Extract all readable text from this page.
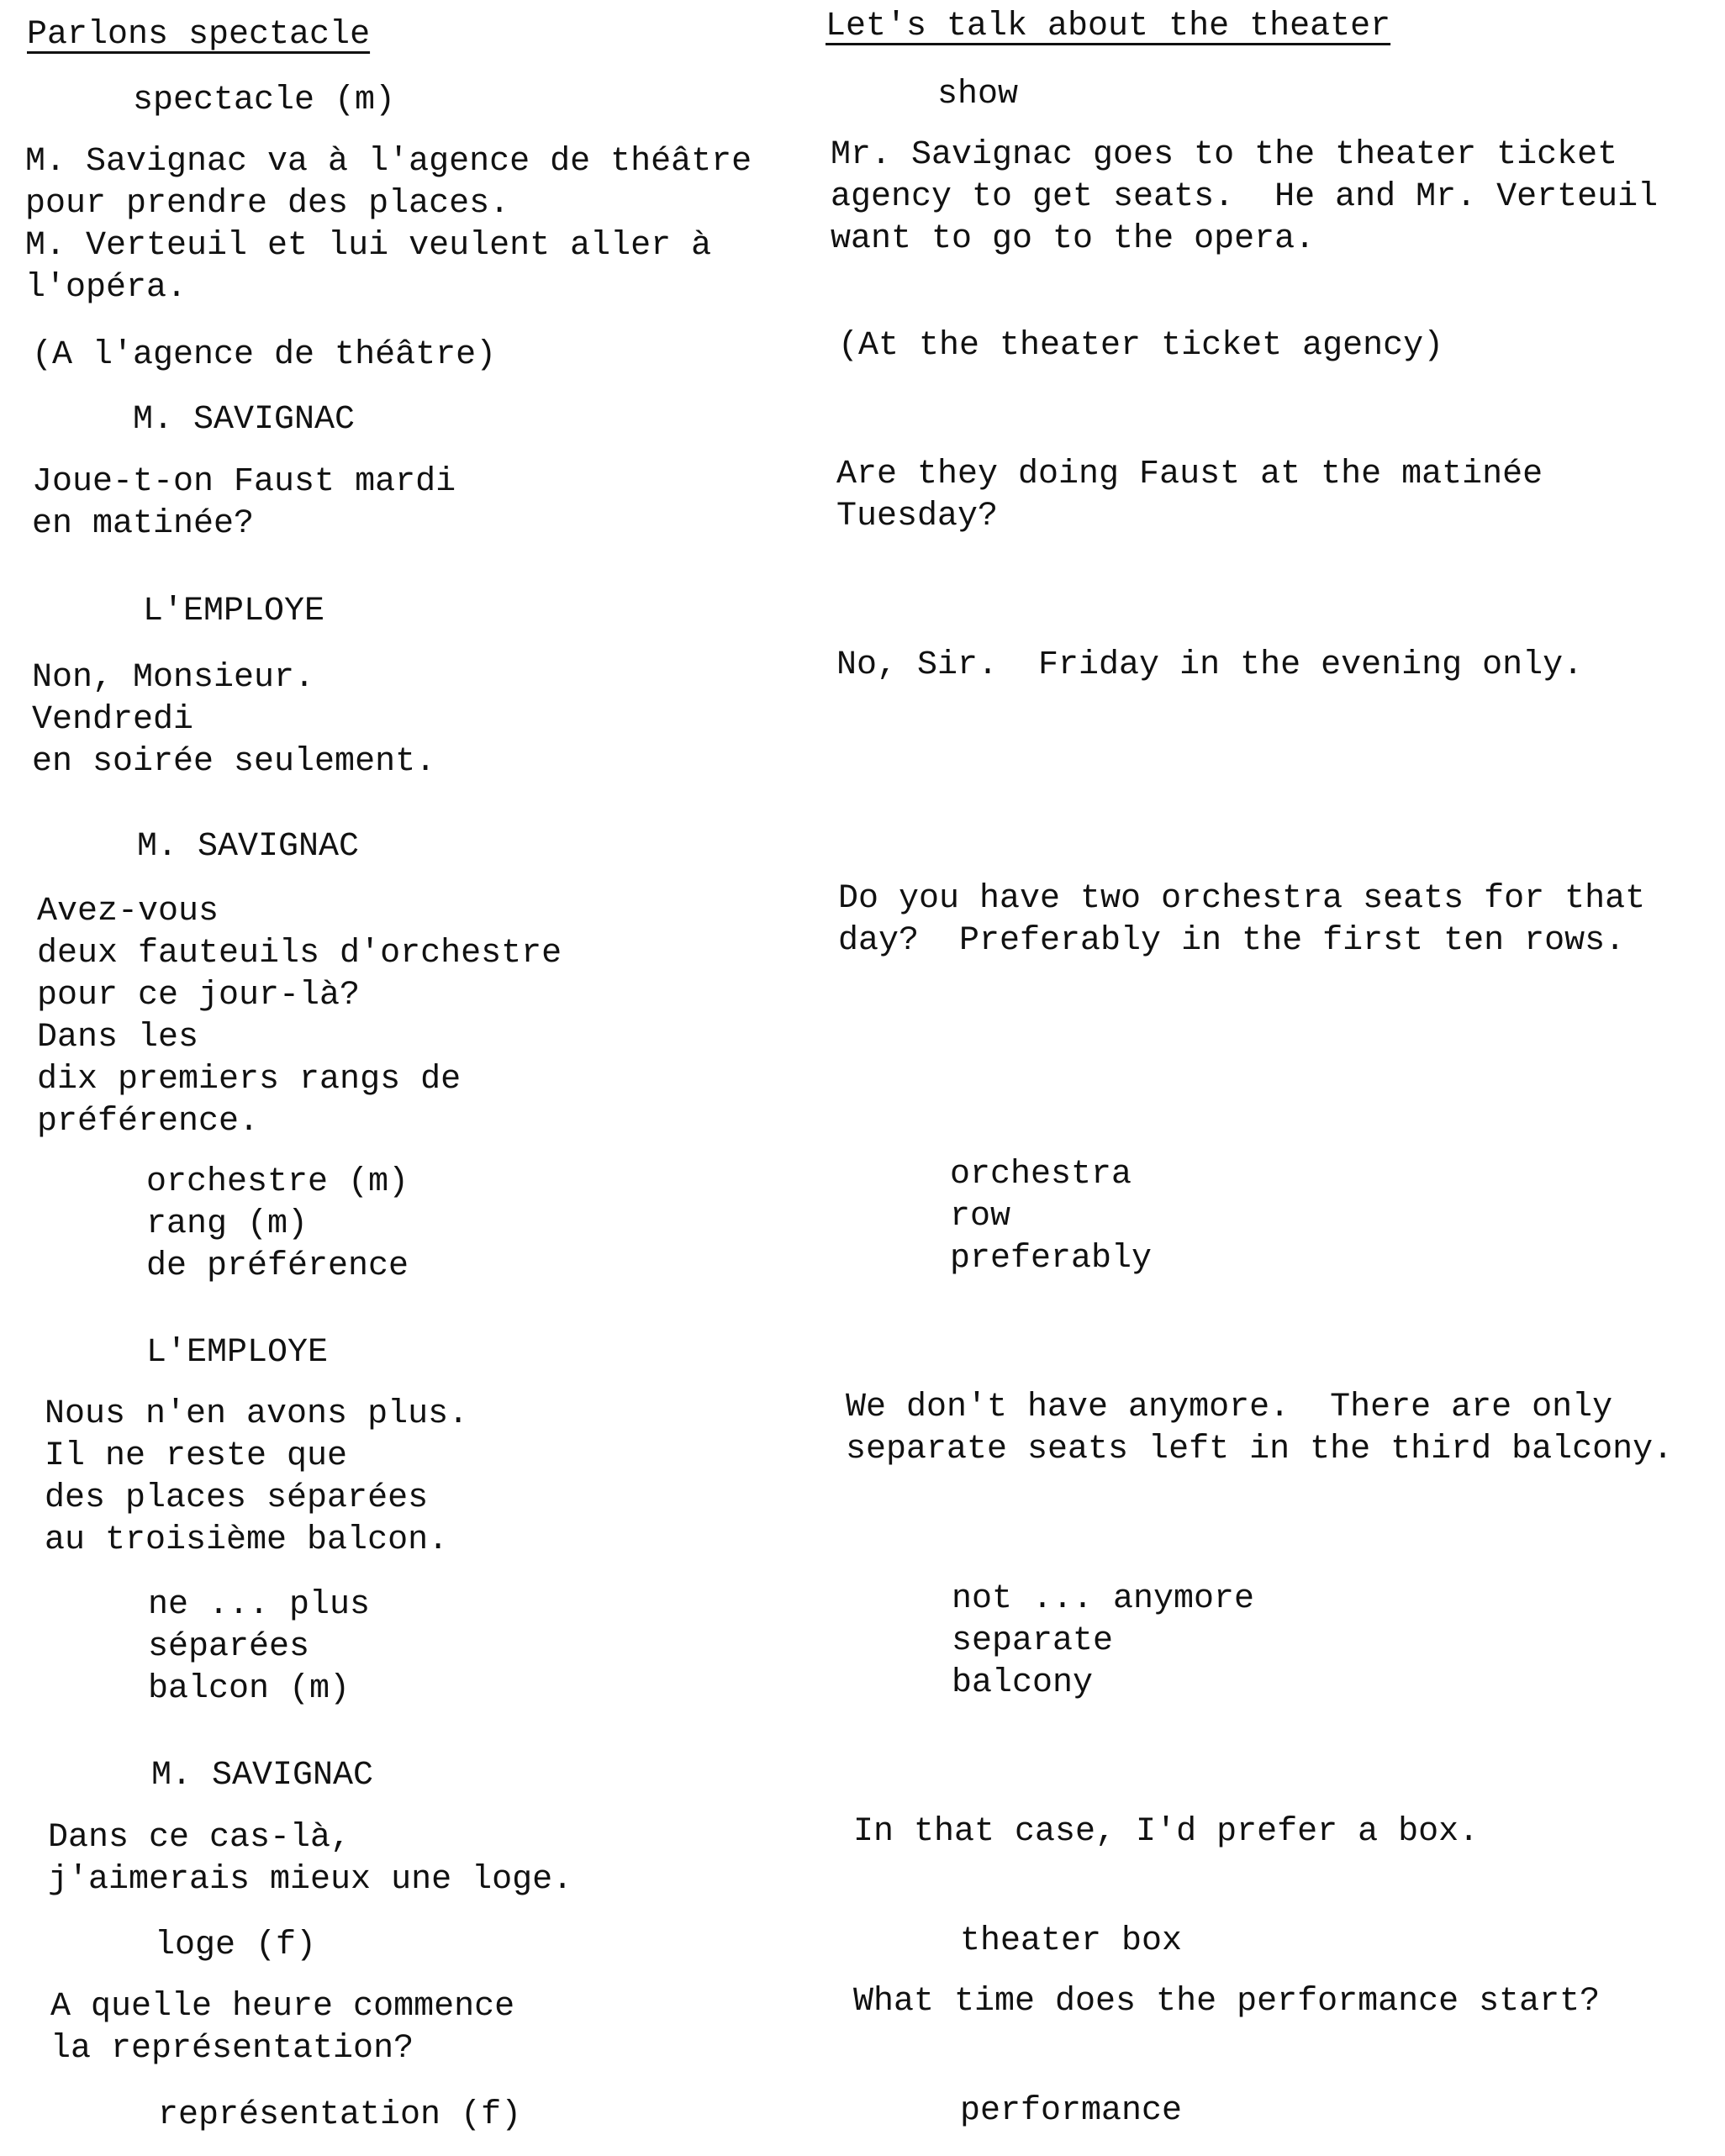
Parlons spectacle
spectacle (m)
M. Savignac va à l'agence de théâtre
pour prendre des places.
M. Verteuil et lui veulent aller à
l'opéra.
(A l'agence de théâtre)
M. SAVIGNAC
Joue-t-on Faust mardi
en matinée?
L'EMPLOYE
Non, Monsieur.
Vendredi
en soirée seulement.
M. SAVIGNAC
Avez-vous
deux fauteuils d'orchestre
pour ce jour-là?
Dans les
dix premiers rangs de
préférence.
orchestre (m)
rang (m)
de préférence
L'EMPLOYE
Nous n'en avons plus.
Il ne reste que
des places séparées
au troisième balcon.
ne ... plus
séparées
balcon (m)
M. SAVIGNAC
Dans ce cas-là,
j'aimerais mieux une loge.
loge (f)
A quelle heure commence
la représentation?
représentation (f)
Let's talk about the theater
show
Mr. Savignac goes to the theater ticket
agency to get seats.  He and Mr. Verteuil
want to go to the opera.
(At the theater ticket agency)
Are they doing Faust at the matinée
Tuesday?
No, Sir.  Friday in the evening only.
Do you have two orchestra seats for that
day?  Preferably in the first ten rows.
orchestra
row
preferably
We don't have anymore.  There are only
separate seats left in the third balcony.
not ... anymore
separate
balcony
In that case, I'd prefer a box.
theater box
What time does the performance start?
performance
